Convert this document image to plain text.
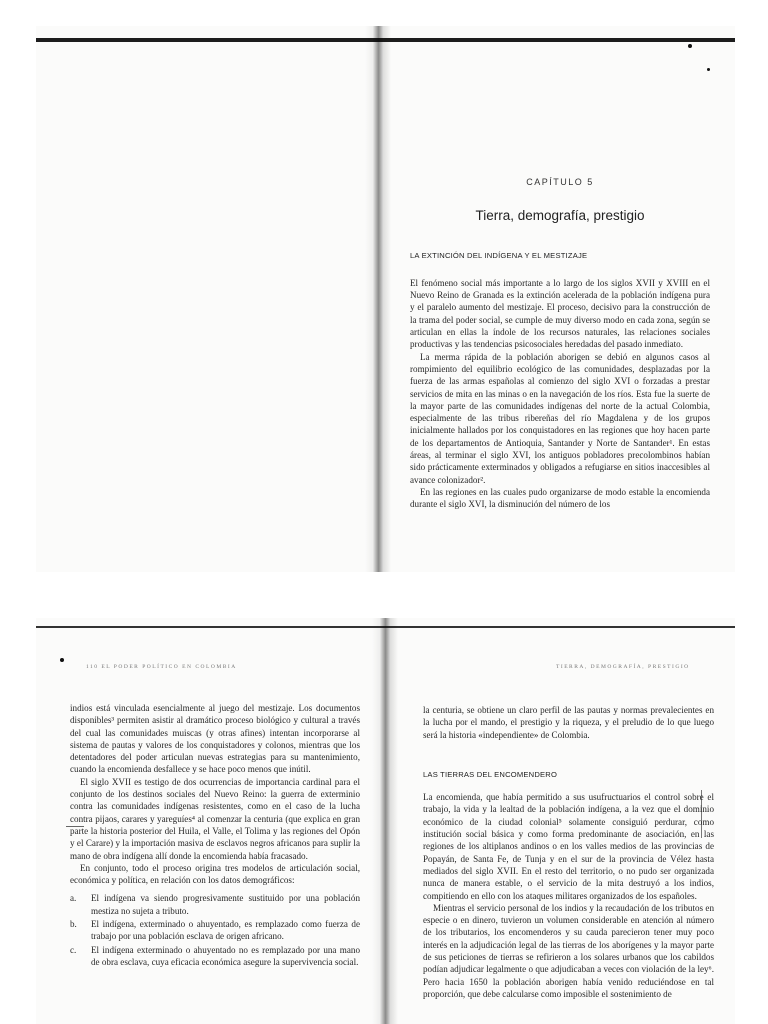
CAPÍTULO 5
Tierra, demografía, prestigio
LA EXTINCIÓN DEL INDÍGENA Y EL MESTIZAJE

El fenómeno social más importante a lo largo de los siglos XVII y XVIII en el Nuevo Reino de Granada es la extinción acelerada de la población indígena pura y el paralelo aumento del mestizaje. El proceso, decisivo para la construcción de la trama del poder social, se cumple de muy diverso modo en cada zona, según se articulan en ellas la índole de los recursos naturales, las relaciones sociales productivas y las tendencias psicosociales heredadas del pasado inmediato.

La merma rápida de la población aborigen se debió en algunos casos al rompimiento del equilibrio ecológico de las comunidades, desplazadas por la fuerza de las armas españolas al comienzo del siglo XVI o forzadas a prestar servicios de mita en las minas o en la navegación de los ríos. Esta fue la suerte de la mayor parte de las comunidades indígenas del norte de la actual Colombia, especialmente de las tribus ribereñas del río Magdalena y de los grupos inicialmente hallados por los conquistadores en las regiones que hoy hacen parte de los departamentos de Antioquia, Santander y Norte de Santander¹. En estas áreas, al terminar el siglo XVI, los antiguos pobladores precolombinos habían sido prácticamente exterminados y obligados a refugiarse en sitios inaccesibles al avance colonizador².

En las regiones en las cuales pudo organizarse de modo estable la encomienda durante el siglo XVI, la disminución del número de los

110 EL PODER POLÍTICO EN COLOMBIA	TIERRA, DEMOGRAFÍA, PRESTIGIO

indios está vinculada esencialmente al juego del mestizaje. Los documentos disponibles³ permiten asistir al dramático proceso biológico y cultural a través del cual las comunidades muiscas (y otras afines) intentan incorporarse al sistema de pautas y valores de los conquistadores y colonos, mientras que los detentadores del poder articulan nuevas estrategias para su mantenimiento, cuando la encomienda desfallece y se hace poco menos que inútil.

El siglo XVII es testigo de dos ocurrencias de importancia cardinal para el conjunto de los destinos sociales del Nuevo Reino: la guerra de exterminio contra las comunidades indígenas resistentes, como en el caso de la lucha contra pijaos, carares y yareguíes⁴ al comenzar la centuria (que explica en gran parte la historia posterior del Huila, el Valle, el Tolima y las regiones del Opón y el Carare) y la importación masiva de esclavos negros africanos para suplir la mano de obra indígena allí donde la encomienda había fracasado.

En conjunto, todo el proceso origina tres modelos de articulación social, económica y política, en relación con los datos demográficos:

a.	El indígena va siendo progresivamente sustituido por una población mestiza no sujeta a tributo.
b.	El indígena, exterminado o ahuyentado, es remplazado como fuerza de trabajo por una población esclava de origen africano.
c.	El indígena exterminado o ahuyentado no es remplazado por una mano de obra esclava, cuya eficacia económica asegure la supervivencia social.

la centuria, se obtiene un claro perfil de las pautas y normas prevalecientes en la lucha por el mando, el prestigio y la riqueza, y el preludio de lo que luego será la historia «independiente» de Colombia.

LAS TIERRAS DEL ENCOMENDERO

La encomienda, que había permitido a sus usufructuarios el control sobre el trabajo, la vida y la lealtad de la población indígena, a la vez que el dominio económico de la ciudad colonial⁵ solamente consiguió perdurar, como institución social básica y como forma predominante de asociación, en las regiones de los altiplanos andinos o en los valles medios de las provincias de Popayán, de Santa Fe, de Tunja y en el sur de la provincia de Vélez hasta mediados del siglo XVII. En el resto del territorio, o no pudo ser organizada nunca de manera estable, o el servicio de la mita destruyó a los indios, compitiendo en ello con los ataques militares organizados de los españoles.

Mientras el servicio personal de los indios y la recaudación de los tributos en especie o en dinero, tuvieron un volumen considerable en atención al número de los tributarios, los encomenderos y su cauda parecieron tener muy poco interés en la adjudicación legal de las tierras de los aborígenes y la mayor parte de sus peticiones de tierras se refirieron a los solares urbanos que los cabildos podían adjudicar legalmente o que adjudicaban a veces con violación de la ley⁶. Pero hacia 1650 la población aborigen había venido reduciéndose en tal proporción, que debe calcularse como imposible el sostenimiento de
